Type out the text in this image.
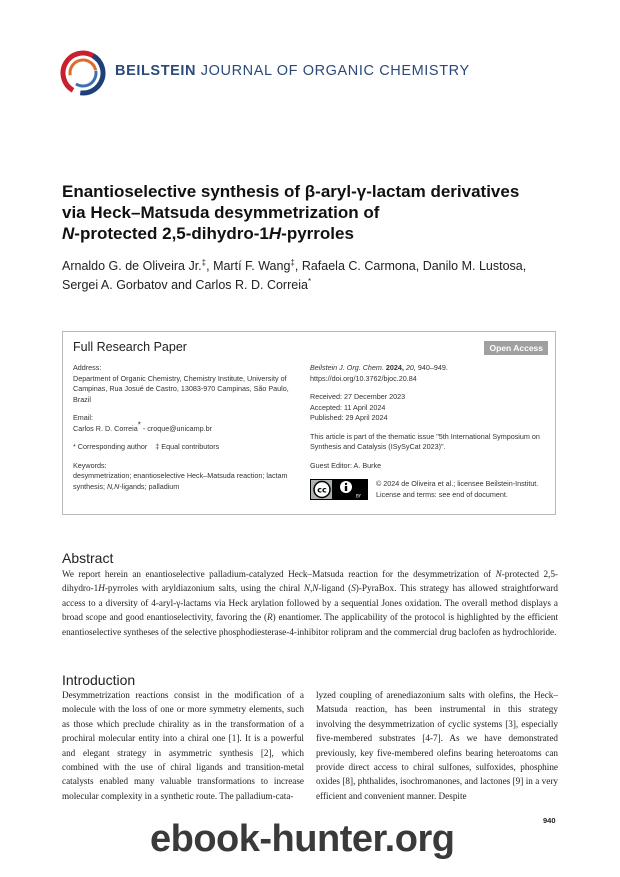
BEILSTEIN JOURNAL OF ORGANIC CHEMISTRY
Enantioselective synthesis of β-aryl-γ-lactam derivatives
via Heck–Matsuda desymmetrization of
N-protected 2,5-dihydro-1H-pyrroles
Arnaldo G. de Oliveira Jr.‡, Martí F. Wang‡, Rafaela C. Carmona, Danilo M. Lustosa,
Sergei A. Gorbatov and Carlos R. D. Correia*
Full Research Paper	Open Access

Address:
Department of Organic Chemistry, Chemistry Institute, University of Campinas, Rua Josué de Castro, 13083-970 Campinas, São Paulo, Brazil

Email:
Carlos R. D. Correia* - croque@unicamp.br

* Corresponding author    ‡ Equal contributors

Keywords:
desymmetrization; enantioselective Heck–Matsuda reaction; lactam synthesis; N,N-ligands; palladium

Beilstein J. Org. Chem. 2024, 20, 940–949.
https://doi.org/10.3762/bjoc.20.84

Received: 27 December 2023
Accepted: 11 April 2024
Published: 29 April 2024

This article is part of the thematic issue "5th International Symposium on Synthesis and Catalysis (ISySyCat 2023)".

Guest Editor: A. Burke

cc
BY
© 2024 de Oliveira et al.; licensee Beilstein-Institut.
License and terms: see end of document.
Abstract
We report herein an enantioselective palladium-catalyzed Heck–Matsuda reaction for the desymmetrization of N-protected 2,5-dihydro-1H-pyrroles with aryldiazonium salts, using the chiral N,N-ligand (S)-PyraBox. This strategy has allowed straightforward access to a diversity of 4-aryl-γ-lactams via Heck arylation followed by a sequential Jones oxidation. The overall method displays a broad scope and good enantioselectivity, favoring the (R) enantiomer. The applicability of the protocol is highlighted by the efficient enantioselective syntheses of the selective phosphodiesterase-4-inhibitor rolipram and the commercial drug baclofen as hydrochloride.
Introduction
Desymmetrization reactions consist in the modification of a molecule with the loss of one or more symmetry elements, such as those which preclude chirality as in the transformation of a prochiral molecular entity into a chiral one [1]. It is a powerful and elegant strategy in asymmetric synthesis [2], which combined with the use of chiral ligands and transition-metal catalysts enabled many valuable transformations to increase molecular complexity in a synthetic route. The palladium-cata-
lyzed coupling of arenediazonium salts with olefins, the Heck–Matsuda reaction, has been instrumental in this strategy involving the desymmetrization of cyclic systems [3], especially five-membered substrates [4-7]. As we have demonstrated previously, key five-membered olefins bearing heteroatoms can provide direct access to chiral sulfones, sulfoxides, phosphine oxides [8], phthalides, isochromanones, and lactones [9] in a very efficient and convenient manner. Despite
940
ebook-hunter.org
